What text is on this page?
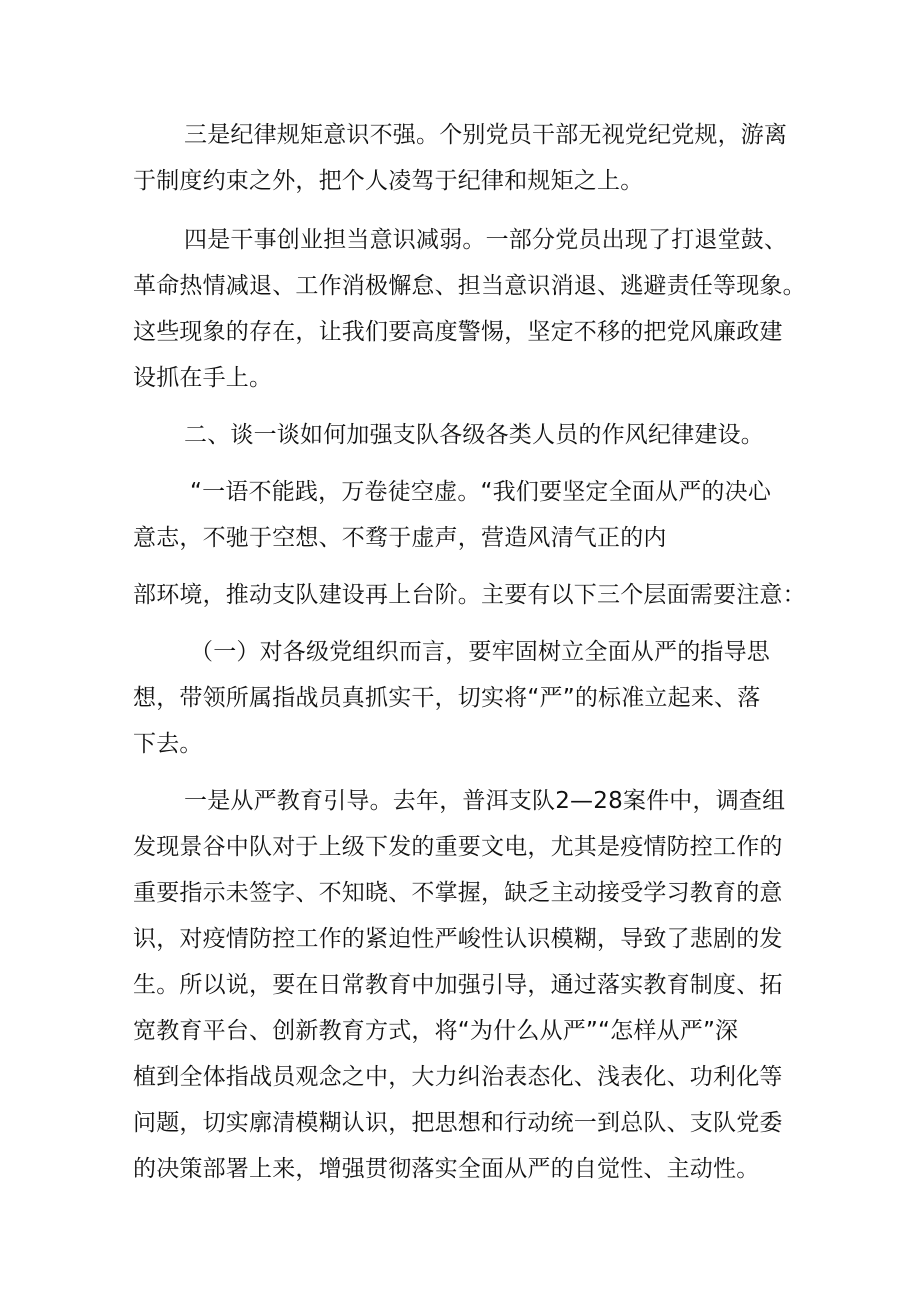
三是纪律规矩意识不强。个别党员干部无视党纪党规，游离

于制度约束之外，把个人凌驾于纪律和规矩之上。

四是干事创业担当意识减弱。一部分党员出现了打退堂鼓、

革命热情减退、工作消极懈怠、担当意识消退、逃避责任等现象。

这些现象的存在，让我们要高度警惕，坚定不移的把党风廉政建

设抓在手上。

二、谈一谈如何加强支队各级各类人员的作风纪律建设。

“一语不能践，万卷徒空虚。“我们要坚定全面从严的决心

意志，不驰于空想、不骛于虚声，营造风清气正的内

部环境，推动支队建设再上台阶。主要有以下三个层面需要注意：

（一）对各级党组织而言，要牢固树立全面从严的指导思

想，带领所属指战员真抓实干，切实将“严”的标准立起来、落

下去。

一是从严教育引导。去年，普洱支队2—28案件中，调查组

发现景谷中队对于上级下发的重要文电，尤其是疫情防控工作的

重要指示未签字、不知晓、不掌握，缺乏主动接受学习教育的意

识，对疫情防控工作的紧迫性严峻性认识模糊，导致了悲剧的发

生。所以说，要在日常教育中加强引导，通过落实教育制度、拓

宽教育平台、创新教育方式，将“为什么从严”“怎样从严”深

植到全体指战员观念之中，大力纠治表态化、浅表化、功利化等

问题，切实廓清模糊认识，把思想和行动统一到总队、支队党委

的决策部署上来，增强贯彻落实全面从严的自觉性、主动性。
